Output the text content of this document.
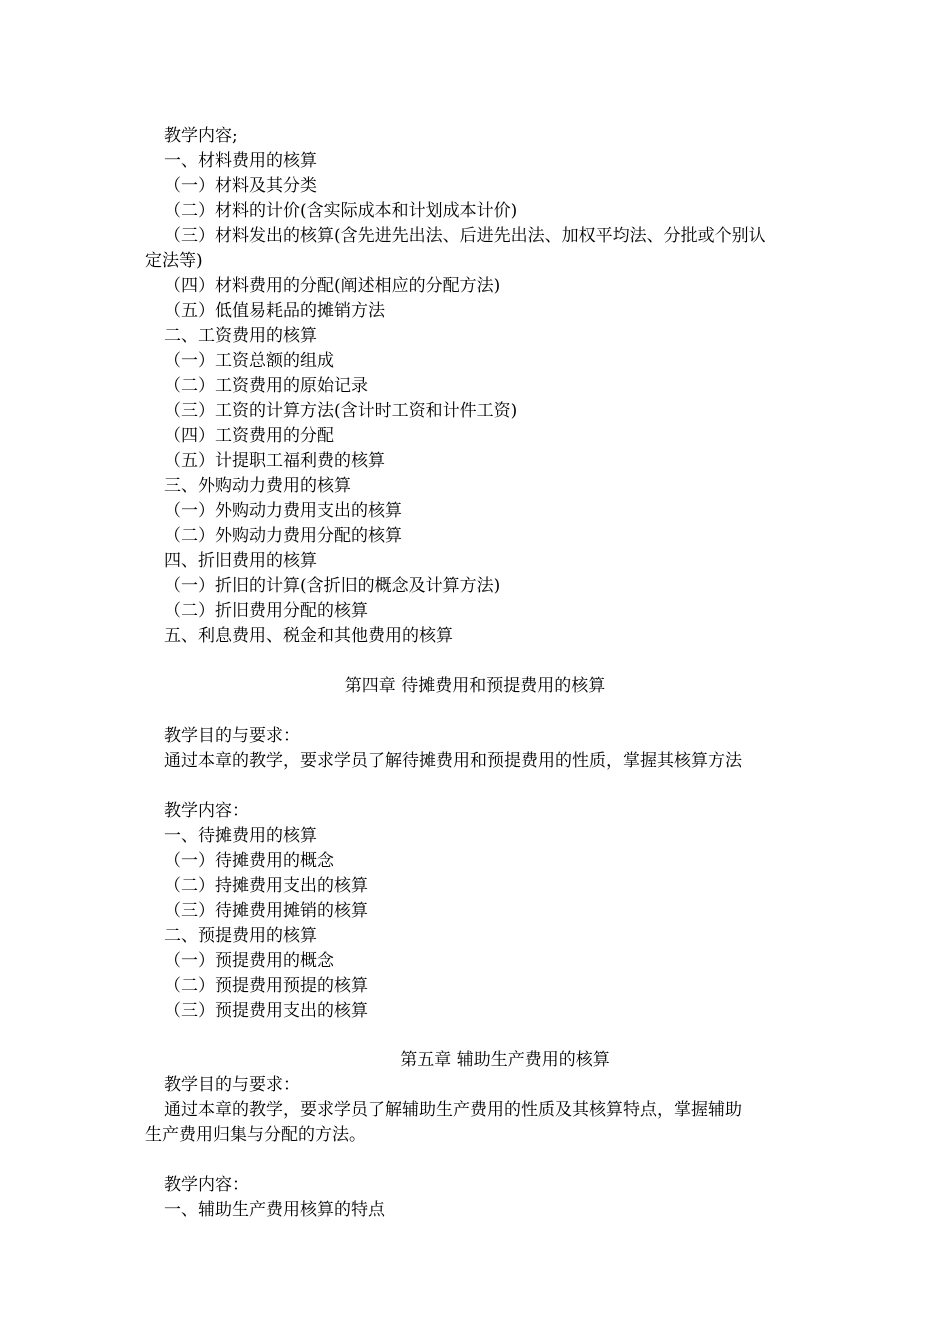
教学内容;
一、材料费用的核算
（一）材料及其分类
（二）材料的计价(含实际成本和计划成本计价)
（三）材料发出的核算(含先进先出法、后进先出法、加权平均法、分批或个别认
定法等)
（四）材料费用的分配(阐述相应的分配方法)
（五）低值易耗品的摊销方法
二、工资费用的核算
（一）工资总额的组成
（二）工资费用的原始记录
（三）工资的计算方法(含计时工资和计件工资)
（四）工资费用的分配
（五）计提职工福利费的核算
三、外购动力费用的核算
（一）外购动力费用支出的核算
（二）外购动力费用分配的核算
四、折旧费用的核算
（一）折旧的计算(含折旧的概念及计算方法)
（二）折旧费用分配的核算
五、利息费用、税金和其他费用的核算
第四章 待摊费用和预提费用的核算
教学目的与要求：
通过本章的教学，要求学员了解待摊费用和预提费用的性质，掌握其核算方法
教学内容：
一、待摊费用的核算
（一）待摊费用的概念
（二）持摊费用支出的核算
（三）待摊费用摊销的核算
二、预提费用的核算
（一）预提费用的概念
（二）预提费用预提的核算
（三）预提费用支出的核算
第五章 辅助生产费用的核算
教学目的与要求：
通过本章的教学，要求学员了解辅助生产费用的性质及其核算特点，掌握辅助
生产费用归集与分配的方法。
教学内容：
一、辅助生产费用核算的特点
